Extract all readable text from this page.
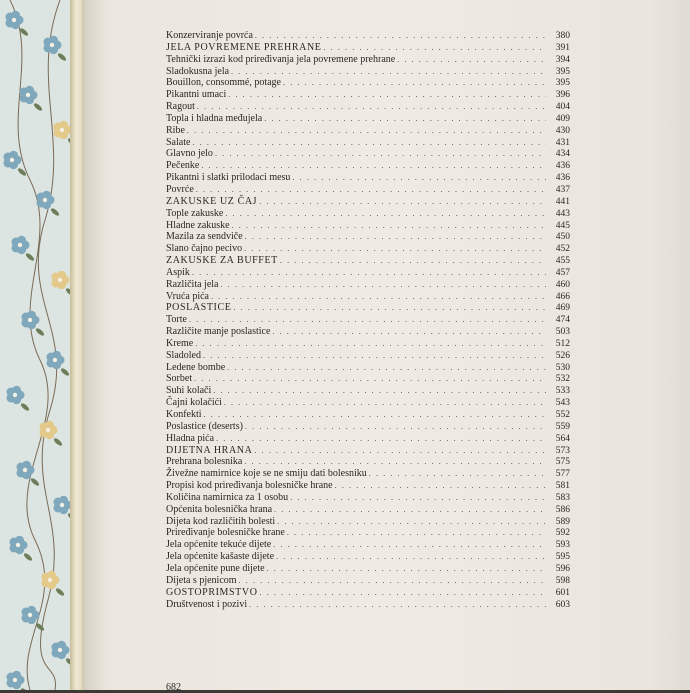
Konzerviranje povrća . . .	380
JELA POVREMENE PREHRANE . . .	391
Tehnički izrazi kod priređivanja jela povremene prehrane . . .	394
Sladokusna jela . . .	395
Bouillon, consommé, potage . . .	395
Pikantni umaci . . .	396
Ragout . . .	404
Topla i hladna međujela . . .	409
Ribe . . .	430
Salate . . .	431
Glavno jelo . . .	434
Pečenke . . .	436
Pikantni i slatki prilodaci mesu . . .	436
Povrće . . .	437
ZAKUSKE UZ ČAJ . . .	441
Tople zakuske . . .	443
Hladne zakuske . . .	445
Mazila za sendviče . . .	450
Slano čajno pecivo . . .	452
ZAKUSKE ZA BUFFET . . .	455
Aspik . . .	457
Različita jela . . .	460
Vruća pića . . .	466
POSLASTICE . . .	469
Torte . . .	474
Različite manje poslastice . . .	503
Kreme . . .	512
Sladoled . . .	526
Ledene bombe . . .	530
Sorbet . . .	532
Suhi kolači . . .	533
Čajni kolačići . . .	543
Konfekti . . .	552
Poslastice (deserts) . . .	559
Hladna pića . . .	564
DIJETNA HRANA . . .	573
Prehrana bolesnika . . .	575
Živežne namirnice koje se ne smiju dati bolesniku . . .	577
Propisi kod priređivanja bolesničke hrane . . .	581
Količina namirnica za 1 osobu . . .	583
Općenita bolesnička hrana . . .	586
Dijeta kod različitih bolesti . . .	589
Priređivanje bolesničke hrane . . .	592
Jela općenite tekuće dijete . . .	593
Jela općenite kašaste dijete . . .	595
Jela općenite pune dijete . . .	596
Dijeta s pjenicom . . .	598
GOSTOPRIMSTVO . . .	601
Društvenost i pozivi . . .	603
682
